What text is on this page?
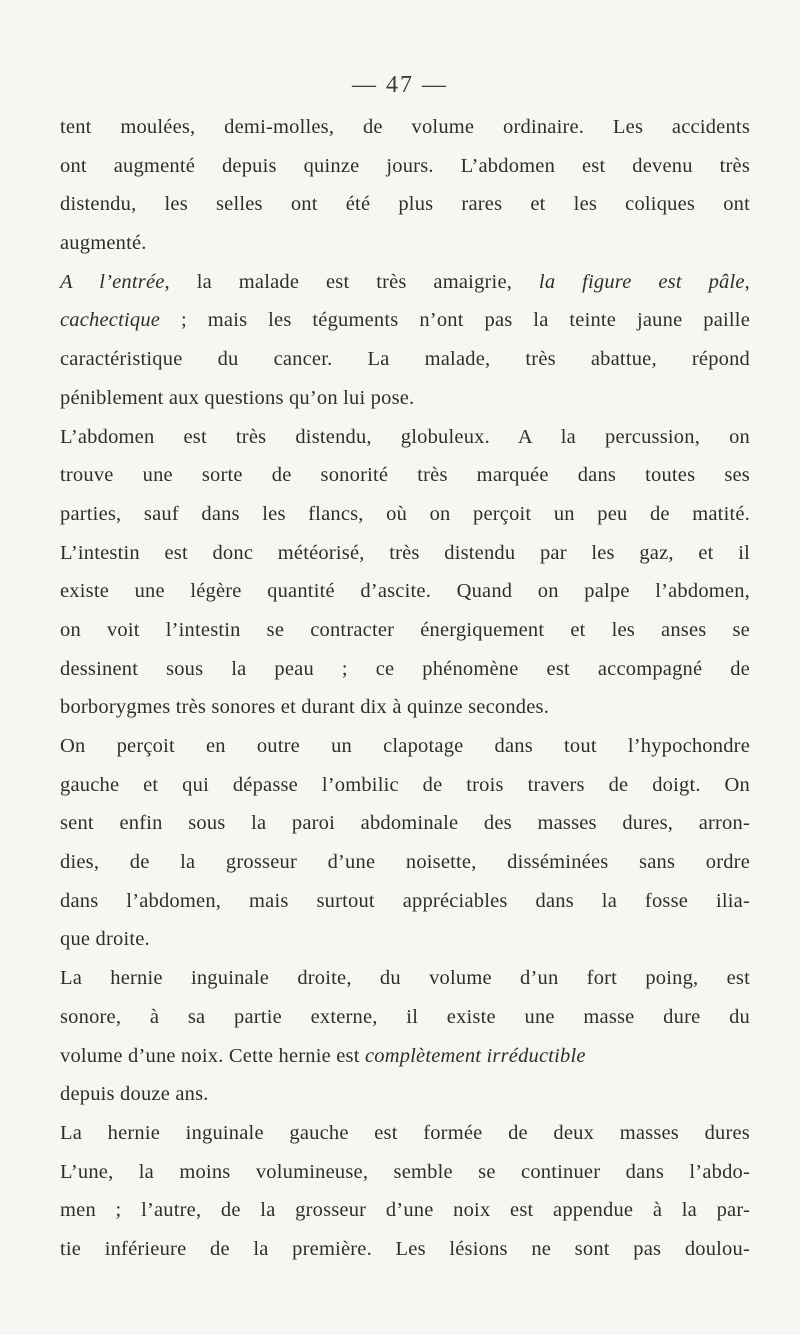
— 47 —
tent moulées, demi-molles, de volume ordinaire. Les accidents
ont augmenté depuis quinze jours. L’abdomen est devenu très
distendu, les selles ont été plus rares et les coliques ont
augmenté.
A l’entrée, la malade est très amaigrie, la figure est pâle,
cachectique ; mais les téguments n’ont pas la teinte jaune paille
caractéristique du cancer. La malade, très abattue, répond
péniblement aux questions qu’on lui pose.
L’abdomen est très distendu, globuleux. A la percussion, on
trouve une sorte de sonorité très marquée dans toutes ses
parties, sauf dans les flancs, où on perçoit un peu de matité.
L’intestin est donc météorisé, très distendu par les gaz, et il
existe une légère quantité d’ascite. Quand on palpe l’abdomen,
on voit l’intestin se contracter énergiquement et les anses se
dessinent sous la peau ; ce phénomène est accompagné de
borborygmes très sonores et durant dix à quinze secondes.
On perçoit en outre un clapotage dans tout l’hypochondre
gauche et qui dépasse l’ombilic de trois travers de doigt. On
sent enfin sous la paroi abdominale des masses dures, arron-
dies, de la grosseur d’une noisette, disséminées sans ordre
dans l’abdomen, mais surtout appréciables dans la fosse ilia-
que droite.
La hernie inguinale droite, du volume d’un fort poing, est
sonore, à sa partie externe, il existe une masse dure du
volume d’une noix. Cette hernie est complètement irréductible
depuis douze ans.
La hernie inguinale gauche est formée de deux masses dures
L’une, la moins volumineuse, semble se continuer dans l’abdo-
men ; l’autre, de la grosseur d’une noix est appendue à la par-
tie inférieure de la première. Les lésions ne sont pas doulou-
